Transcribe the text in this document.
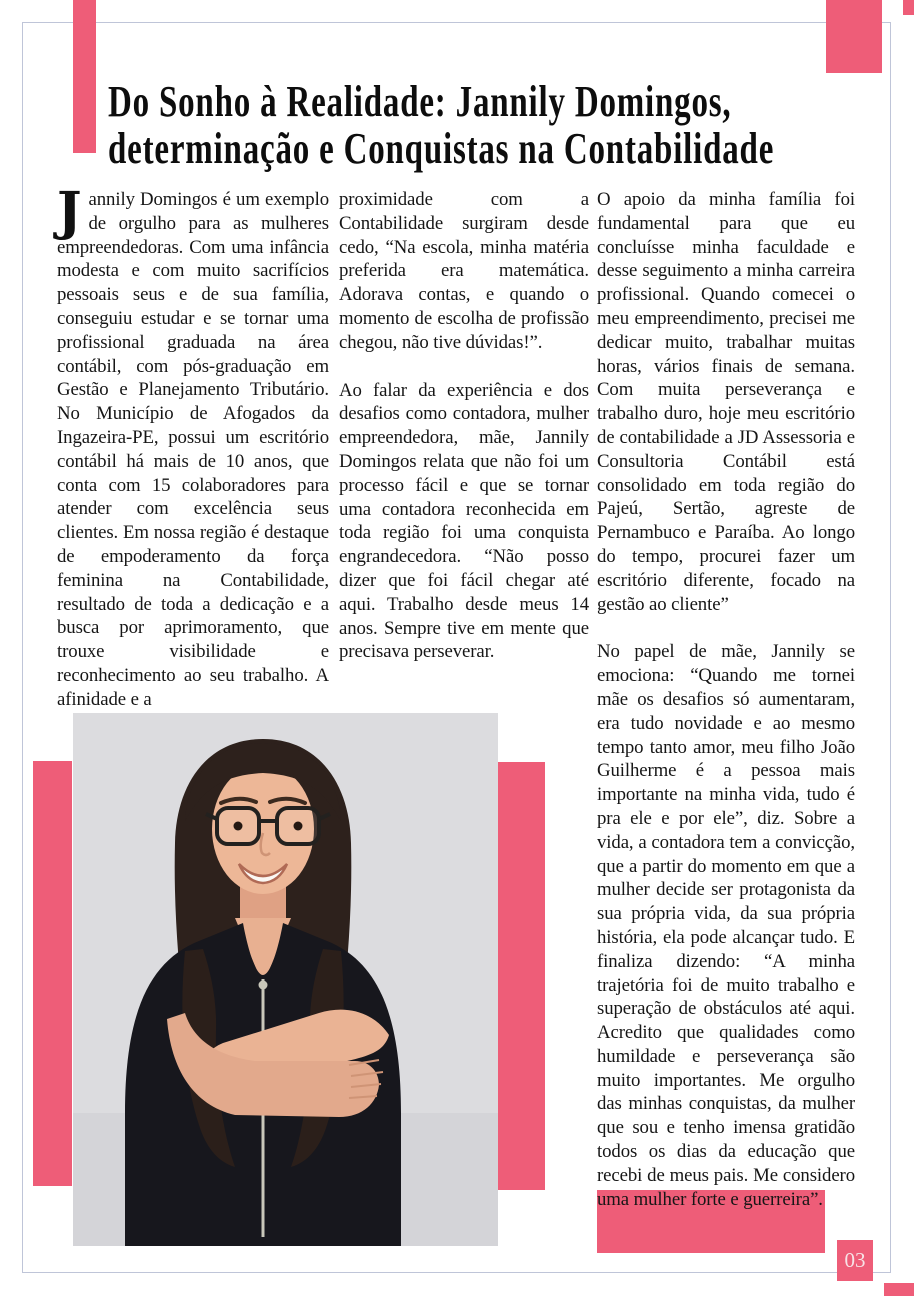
Do Sonho à Realidade: Jannily Domingos,
determinação e Conquistas na Contabilidade

Jannily Domingos é um exemplo de orgulho para as mulheres empreendedoras. Com uma infância modesta e com muito sacrifícios pessoais seus e de sua família, conseguiu estudar e se tornar uma profissional graduada na área contábil, com pós-graduação em Gestão e Planejamento Tributário. No Município de Afogados da Ingazeira-PE, possui um escritório contábil há mais de 10 anos, que conta com 15 colaboradores para atender com excelência seus clientes. Em nossa região é destaque de empoderamento da força feminina na Contabilidade, resultado de toda a dedicação e a busca por aprimoramento, que trouxe visibilidade e reconhecimento ao seu trabalho. A afinidade e a

proximidade com a Contabilidade surgiram desde cedo, “Na escola, minha matéria preferida era matemática. Adorava contas, e quando o momento de escolha de profissão chegou, não tive dúvidas!”.

Ao falar da experiência e dos desafios como contadora, mulher empreendedora, mãe, Jannily Domingos relata que não foi um processo fácil e que se tornar uma contadora reconhecida em toda região foi uma conquista engrandecedora. “Não posso dizer que foi fácil chegar até aqui. Trabalho desde meus 14 anos. Sempre tive em mente que precisava perseverar.

O apoio da minha família foi fundamental para que eu concluísse minha faculdade e desse seguimento a minha carreira profissional. Quando comecei o meu empreendimento, precisei me dedicar muito, trabalhar muitas horas, vários finais de semana. Com muita perseverança e trabalho duro, hoje meu escritório de contabilidade a JD Assessoria e Consultoria Contábil está consolidado em toda região do Pajeú, Sertão, agreste de Pernambuco e Paraíba. Ao longo do tempo, procurei fazer um escritório diferente, focado na gestão ao cliente”

No papel de mãe, Jannily se emociona: “Quando me tornei mãe os desafios só aumentaram, era tudo novidade e ao mesmo tempo tanto amor, meu filho João Guilherme é a pessoa mais importante na minha vida, tudo é pra ele e por ele”, diz. Sobre a vida, a contadora tem a convicção, que a partir do momento em que a mulher decide ser protagonista da sua própria vida, da sua própria história, ela pode alcançar tudo. E finaliza dizendo: “A minha trajetória foi de muito trabalho e superação de obstáculos até aqui. Acredito que qualidades como humildade e perseverança são muito importantes. Me orgulho das minhas conquistas, da mulher que sou e tenho imensa gratidão todos os dias da educação que recebi de meus pais. Me considero uma mulher forte e guerreira”.

03
